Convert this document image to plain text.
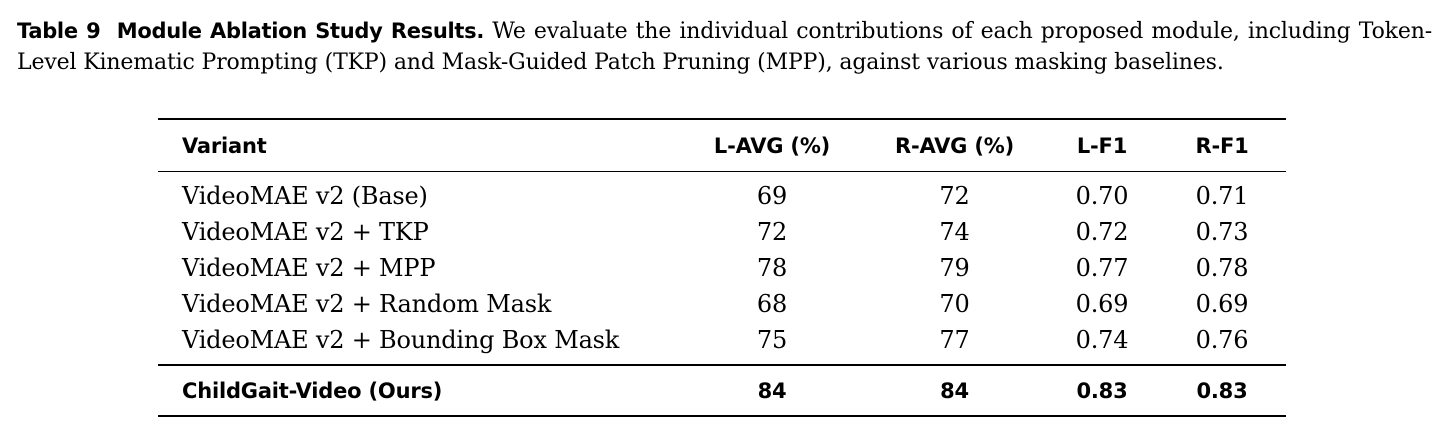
Table 9 Module Ablation Study Results. We evaluate the individual contributions of each proposed module, including Token-Level Kinematic Prompting (TKP) and Mask-Guided Patch Pruning (MPP), against various masking baselines.
Variant	L-AVG (%)	R-AVG (%)	L-F1	R-F1
VideoMAE v2 (Base)	69	72	0.70	0.71
VideoMAE v2 + TKP	72	74	0.72	0.73
VideoMAE v2 + MPP	78	79	0.77	0.78
VideoMAE v2 + Random Mask	68	70	0.69	0.69
VideoMAE v2 + Bounding Box Mask	75	77	0.74	0.76
ChildGait-Video (Ours)	84	84	0.83	0.83
